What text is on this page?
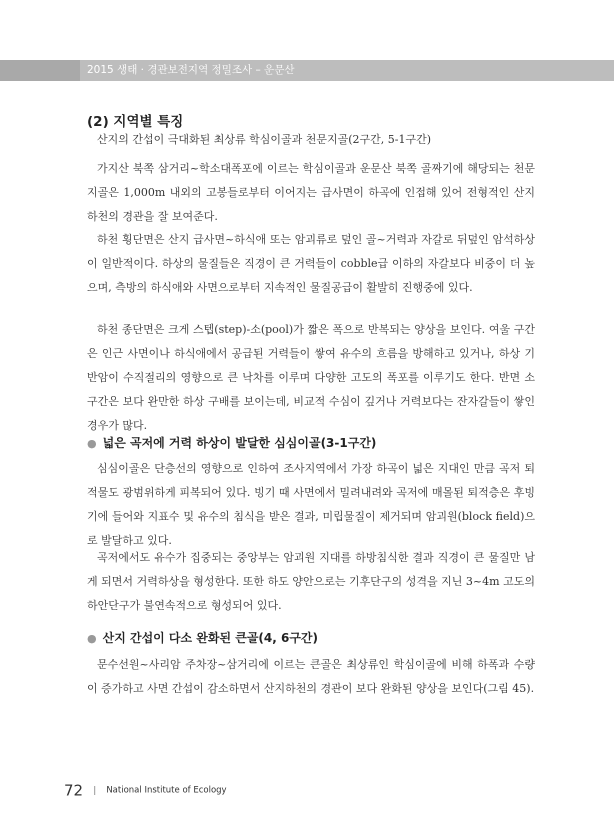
2015 생태 · 경관보전지역 정밀조사 – 운문산
(2) 지역별 특징

산지의 간섭이 극대화된 최상류 학심이골과 천문지골(2구간, 5-1구간)

가지산 북쪽 삼거리~학소대폭포에 이르는 학심이골과 운문산 북쪽 골짜기에 해당되는 천문지골은 1,000m 내외의 고봉들로부터 이어지는 급사면이 하곡에 인접해 있어 전형적인 산지하천의 경관을 잘 보여준다.

하천 횡단면은 산지 급사면~하식애 또는 암괴류로 덮인 골~거력과 자갈로 뒤덮인 암석하상이 일반적이다. 하상의 물질들은 직경이 큰 거력들이 cobble급 이하의 자갈보다 비중이 더 높으며, 측방의 하식애와 사면으로부터 지속적인 물질공급이 활발히 진행중에 있다.

하천 종단면은 크게 스텝(step)-소(pool)가 짧은 폭으로 반복되는 양상을 보인다. 여울 구간은 인근 사면이나 하식애에서 공급된 거력들이 쌓여 유수의 흐름을 방해하고 있거나, 하상 기반암이 수직절리의 영향으로 큰 낙차를 이루며 다양한 고도의 폭포를 이루기도 한다. 반면 소 구간은 보다 완만한 하상 구배를 보이는데, 비교적 수심이 깊거나 거력보다는 잔자갈들이 쌓인 경우가 많다.

● 넓은 곡저에 거력 하상이 발달한 심심이골(3-1구간)

심심이골은 단층선의 영향으로 인하여 조사지역에서 가장 하곡이 넓은 지대인 만큼 곡저 퇴적물도 광범위하게 피복되어 있다. 빙기 때 사면에서 밀려내려와 곡저에 매몰된 퇴적층은 후빙기에 들어와 지표수 및 유수의 침식을 받은 결과, 미립물질이 제거되며 암괴원(block field)으로 발달하고 있다.

곡저에서도 유수가 집중되는 중앙부는 암괴원 지대를 하방침식한 결과 직경이 큰 물질만 남게 되면서 거력하상을 형성한다. 또한 하도 양안으로는 기후단구의 성격을 지닌 3~4m 고도의 하안단구가 불연속적으로 형성되어 있다.

● 산지 간섭이 다소 완화된 큰골(4, 6구간)

문수선원~사리암 주차장~삼거리에 이르는 큰골은 최상류인 학심이골에 비해 하폭과 수량이 증가하고 사면 간섭이 감소하면서 산지하천의 경관이 보다 완화된 양상을 보인다(그림 45).

72 | National Institute of Ecology
